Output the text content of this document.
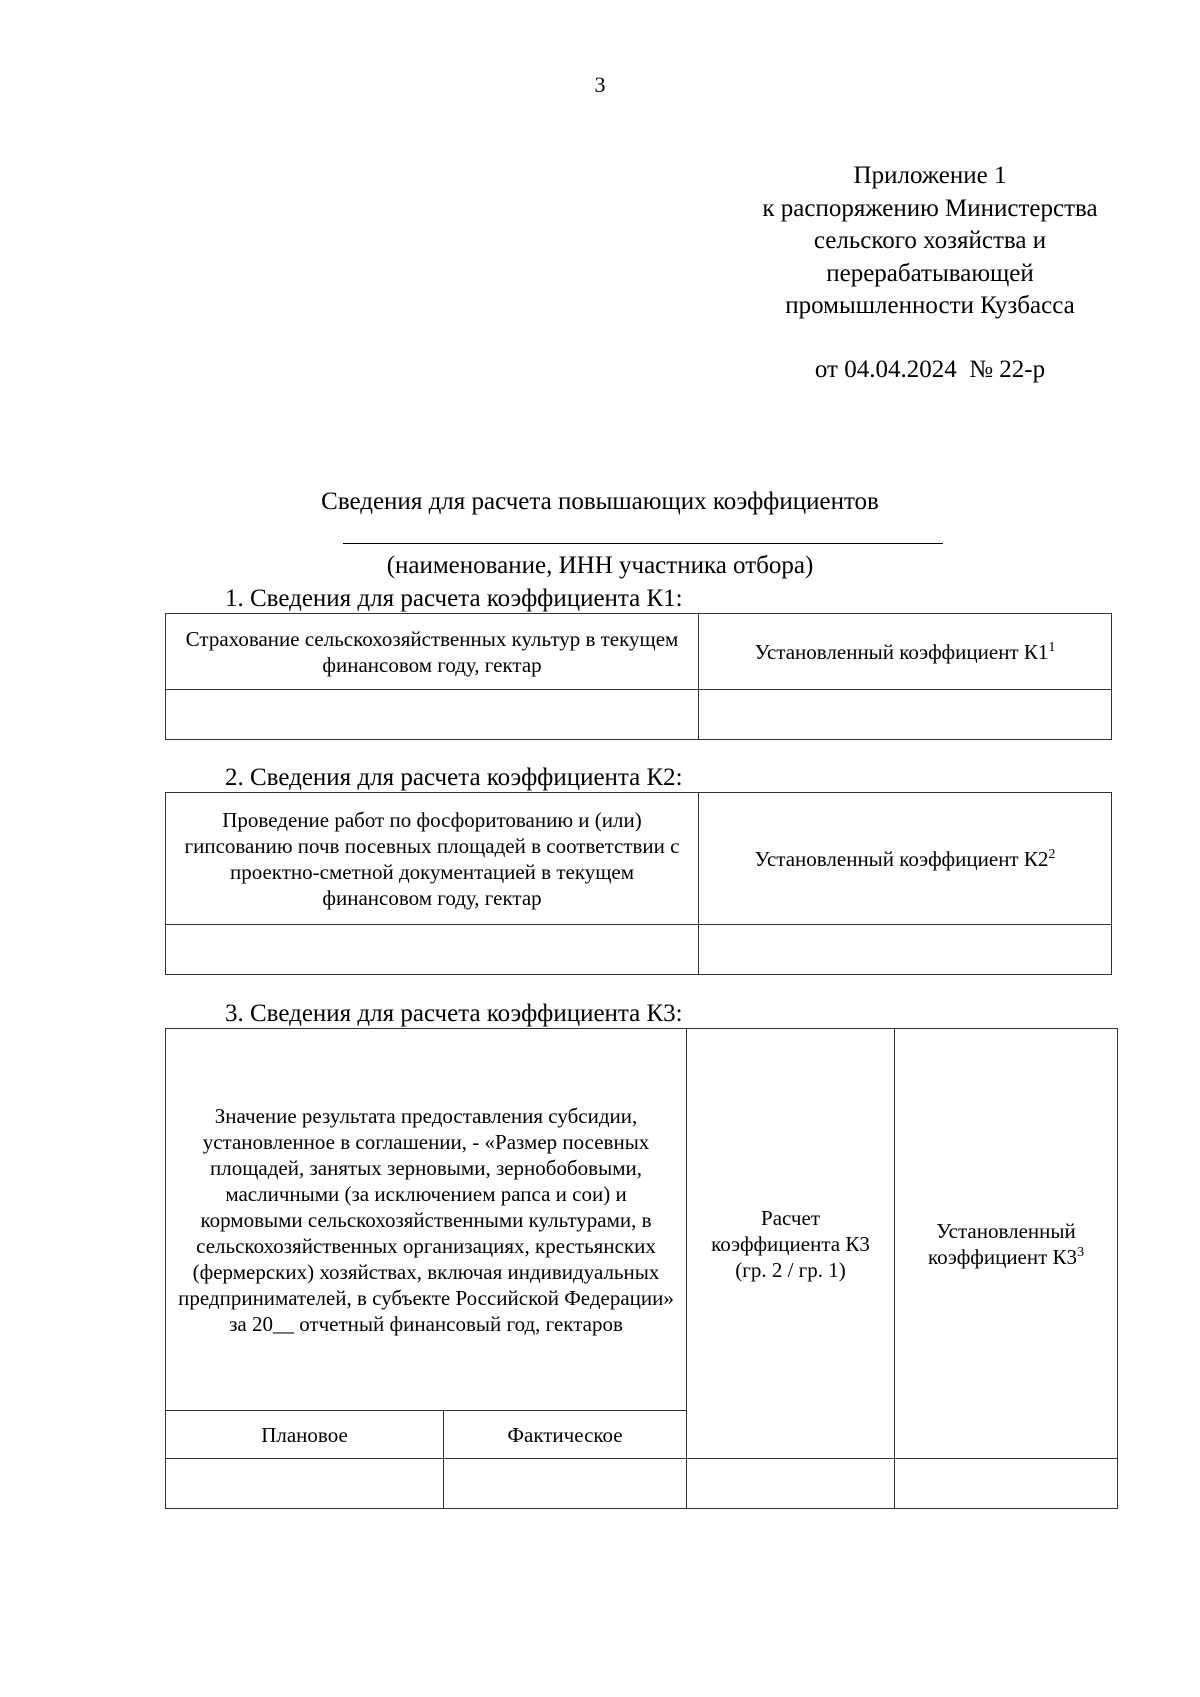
3
Приложение 1
к распоряжению Министерства
сельского хозяйства и
перерабатывающей
промышленности Кузбасса
от 04.04.2024  № 22-р
Сведения для расчета повышающих коэффициентов
(наименование, ИНН участника отбора)
1. Сведения для расчета коэффициента К1:
Страхование сельскохозяйственных культур в текущем финансовом году, гектар	Установленный коэффициент $К1^1$

2. Сведения для расчета коэффициента К2:
Проведение работ по фосфоритованию и (или) гипсованию почв посевных площадей в соответствии с проектно-сметной документацией в текущем финансовом году, гектар	Установленный коэффициент $К2^2$

3. Сведения для расчета коэффициента К3:
Значение результата предоставления субсидии, установленное в соглашении, - «Размер посевных площадей, занятых зерновыми, зернобобовыми, масличными (за исключением рапса и сои) и кормовыми сельскохозяйственными культурами, в сельскохозяйственных организациях, крестьянских (фермерских) хозяйствах, включая индивидуальных предпринимателей, в субъекте Российской Федерации» за 20__ отчетный финансовый год, гектаров		Расчет коэффициента К3 (гр. 2 / гр. 1)	Установленный коэффициент $К3^3$
Плановое	Фактическое		
